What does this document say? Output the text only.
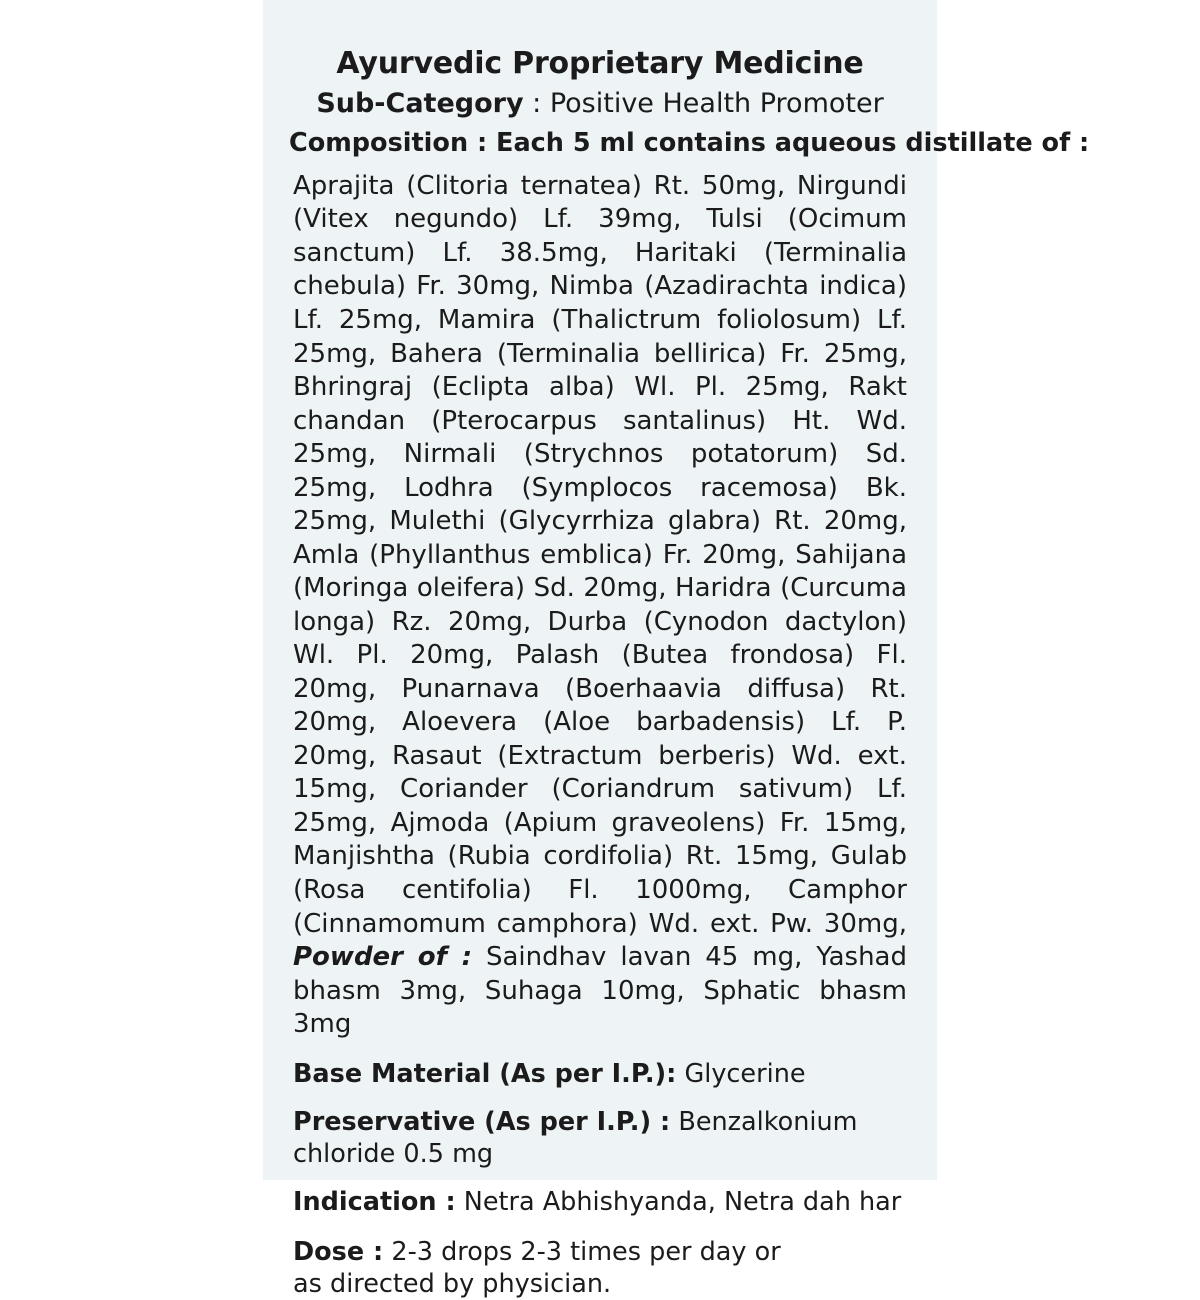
Ayurvedic Proprietary Medicine
Sub-Category : Positive Health Promoter
Composition : Each 5 ml contains aqueous distillate of :
Aprajita (Clitoria ternatea) Rt. 50mg, Nirgundi (Vitex negundo) Lf. 39mg, Tulsi (Ocimum sanctum) Lf. 38.5mg, Haritaki (Terminalia chebula) Fr. 30mg, Nimba (Azadirachta indica) Lf. 25mg, Mamira (Thalictrum foliolosum) Lf. 25mg, Bahera (Terminalia bellirica) Fr. 25mg, Bhringraj (Eclipta alba) Wl. Pl. 25mg, Rakt chandan (Pterocarpus santalinus) Ht. Wd. 25mg, Nirmali (Strychnos potatorum) Sd. 25mg, Lodhra (Symplocos racemosa) Bk. 25mg, Mulethi (Glycyrrhiza glabra) Rt. 20mg, Amla (Phyllanthus emblica) Fr. 20mg, Sahijana (Moringa oleifera) Sd. 20mg, Haridra (Curcuma longa) Rz. 20mg, Durba (Cynodon dactylon) Wl. Pl. 20mg, Palash (Butea frondosa) Fl. 20mg, Punarnava (Boerhaavia diffusa) Rt. 20mg, Aloevera (Aloe barbadensis) Lf. P. 20mg, Rasaut (Extractum berberis) Wd. ext. 15mg, Coriander (Coriandrum sativum) Lf. 25mg, Ajmoda (Apium graveolens) Fr. 15mg, Manjishtha (Rubia cordifolia) Rt. 15mg, Gulab (Rosa centifolia) Fl. 1000mg, Camphor (Cinnamomum camphora) Wd. ext. Pw. 30mg, Powder of : Saindhav lavan 45 mg, Yashad bhasm 3mg, Suhaga 10mg, Sphatic bhasm 3mg
Base Material (As per I.P.): Glycerine
Preservative (As per I.P.) : Benzalkonium chloride 0.5 mg
Indication : Netra Abhishyanda, Netra dah har
Dose : 2-3 drops 2-3 times per day or
as directed by physician.
